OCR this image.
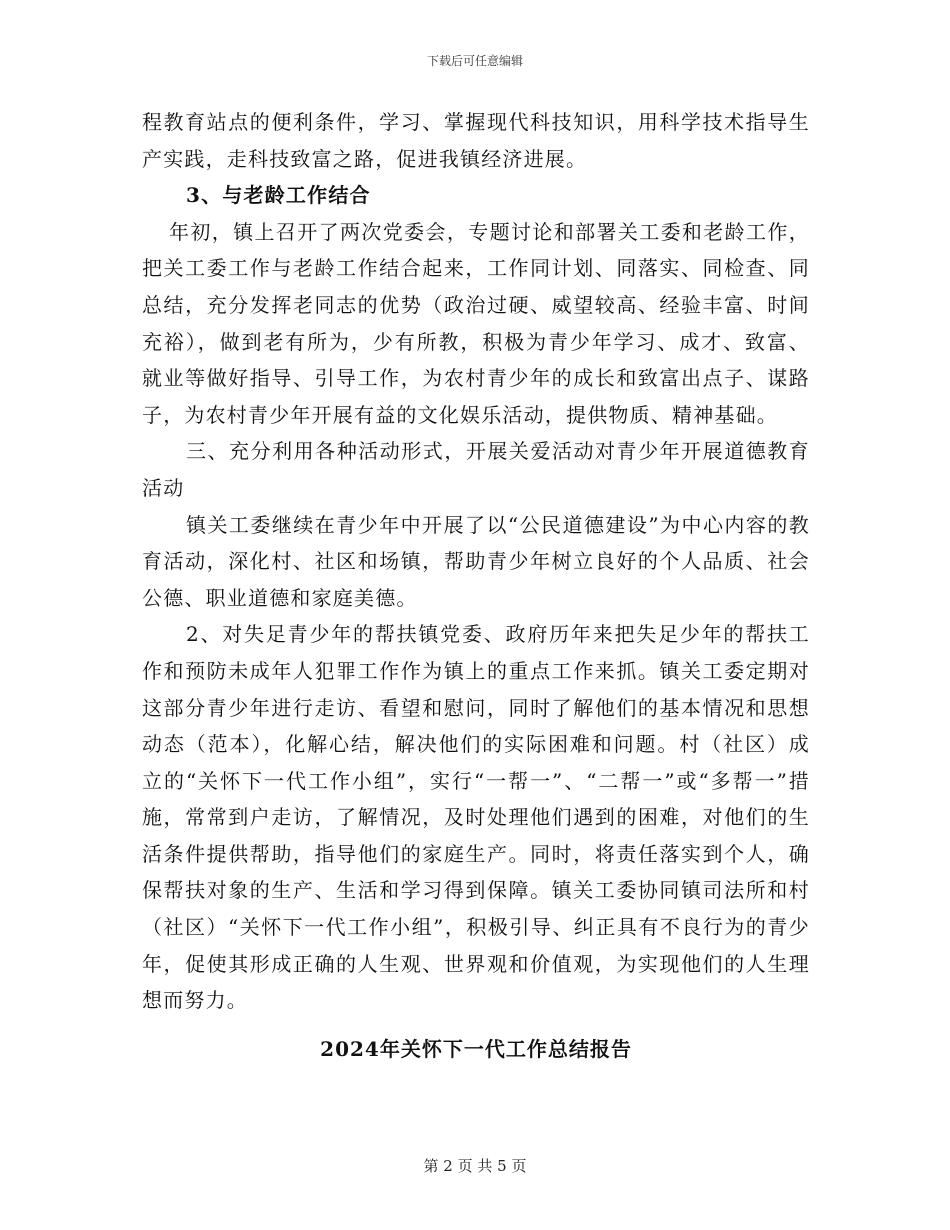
下载后可任意编辑

程教育站点的便利条件，学习、掌握现代科技知识，用科学技术指导生产实践，走科技致富之路，促进我镇经济进展。

3、与老龄工作结合

年初，镇上召开了两次党委会，专题讨论和部署关工委和老龄工作，把关工委工作与老龄工作结合起来，工作同计划、同落实、同检查、同总结，充分发挥老同志的优势（政治过硬、威望较高、经验丰富、时间充裕），做到老有所为，少有所教，积极为青少年学习、成才、致富、就业等做好指导、引导工作，为农村青少年的成长和致富出点子、谋路子，为农村青少年开展有益的文化娱乐活动，提供物质、精神基础。

三、充分利用各种活动形式，开展关爱活动对青少年开展道德教育活动

镇关工委继续在青少年中开展了以“公民道德建设”为中心内容的教育活动，深化村、社区和场镇，帮助青少年树立良好的个人品质、社会公德、职业道德和家庭美德。

2、对失足青少年的帮扶镇党委、政府历年来把失足少年的帮扶工作和预防未成年人犯罪工作作为镇上的重点工作来抓。镇关工委定期对这部分青少年进行走访、看望和慰问，同时了解他们的基本情况和思想动态（范本），化解心结，解决他们的实际困难和问题。村（社区）成立的“关怀下一代工作小组”，实行“一帮一”、“二帮一”或“多帮一”措施，常常到户走访，了解情况，及时处理他们遇到的困难，对他们的生活条件提供帮助，指导他们的家庭生产。同时，将责任落实到个人，确保帮扶对象的生产、生活和学习得到保障。镇关工委协同镇司法所和村（社区）“关怀下一代工作小组”，积极引导、纠正具有不良行为的青少年，促使其形成正确的人生观、世界观和价值观，为实现他们的人生理想而努力。

2024年关怀下一代工作总结报告

第 2 页 共 5 页
